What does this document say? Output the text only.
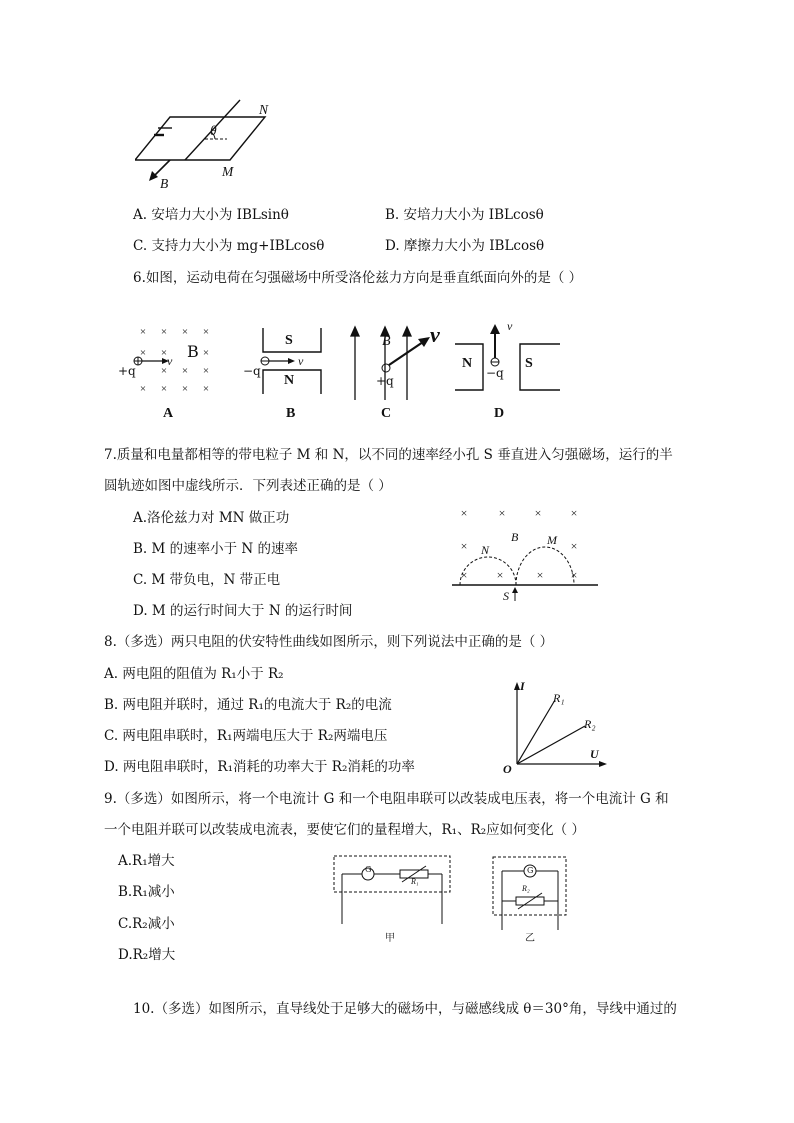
θ
N
M
B
A. 安培力大小为 IBLsinθ	B. 安培力大小为 IBLcosθ
C. 支持力大小为 mg+IBLcosθ	D. 摩擦力大小为 IBLcosθ
6.如图，运动电荷在匀强磁场中所受洛伦兹力方向是垂直纸面向外的是（ ）
× × × ×
× ×	×
× × ×
× × × ×
v B
+q
A
S
N
v
−q
B
B v
+q
C
N	S
v
−q
D
7.质量和电量都相等的带电粒子 M 和 N，以不同的速率经小孔 S 垂直进入匀强磁场，运行的半
圆轨迹如图中虚线所示．下列表述正确的是（ ）
A.洛伦兹力对 MN 做正功
B. M 的速率小于 N 的速率
C. M 带负电，N 带正电
D. M 的运行时间大于 N 的运行时间
×	× × ×
×	×
× ×	× ×
N
B M
S
8.（多选）两只电阻的伏安特性曲线如图所示，则下列说法中正确的是（ ）
A. 两电阻的阻值为 R₁小于 R₂
B. 两电阻并联时，通过 R₁的电流大于 R₂的电流
C. 两电阻串联时，R₁两端电压大于 R₂两端电压
D. 两电阻串联时，R₁消耗的功率大于 R₂消耗的功率
I
U
O
R₁
R₂
9.（多选）如图所示，将一个电流计 G 和一个电阻串联可以改装成电压表，将一个电流计 G 和
一个电阻并联可以改装成电流表，要使它们的量程增大，R₁、R₂应如何变化（ ）
A.R₁增大
B.R₁减小
C.R₂减小
D.R₂增大
G
R₁
甲
G
R₂
乙
10.（多选）如图所示，直导线处于足够大的磁场中，与磁感线成 θ＝30°角，导线中通过的
